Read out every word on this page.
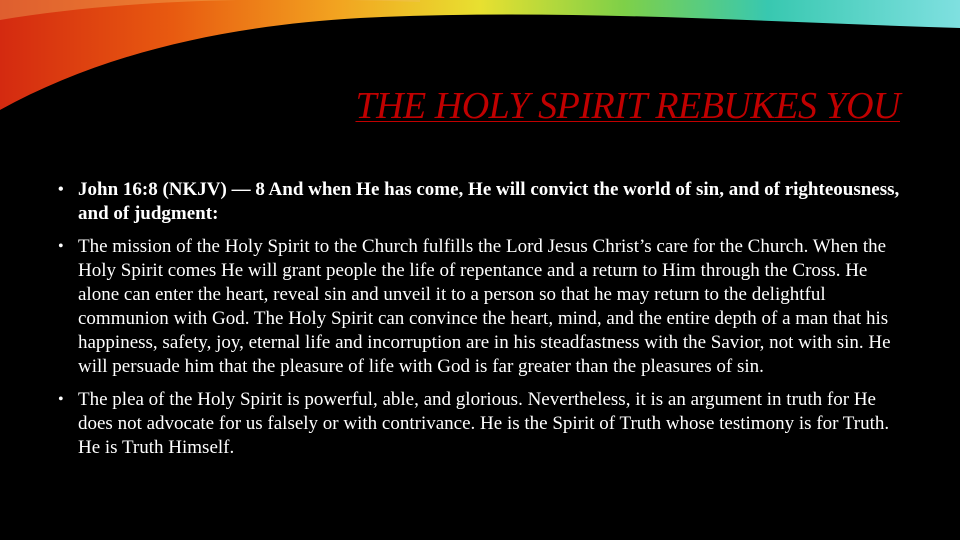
THE HOLY SPIRIT REBUKES YOU
• John 16:8 (NKJV) — 8 And when He has come, He will convict the world of sin, and of righteousness, and of judgment:
• The mission of the Holy Spirit to the Church fulfills the Lord Jesus Christ’s care for the Church. When the Holy Spirit comes He will grant people the life of repentance and a return to Him through the Cross. He alone can enter the heart, reveal sin and unveil it to a person so that he may return to the delightful communion with God. The Holy Spirit can convince the heart, mind, and the entire depth of a man that his happiness, safety, joy, eternal life and incorruption are in his steadfastness with the Savior, not with sin. He will persuade him that the pleasure of life with God is far greater than the pleasures of sin.
• The plea of the Holy Spirit is powerful, able, and glorious. Nevertheless, it is an argument in truth for He does not advocate for us falsely or with contrivance. He is the Spirit of Truth whose testimony is for Truth. He is Truth Himself.
